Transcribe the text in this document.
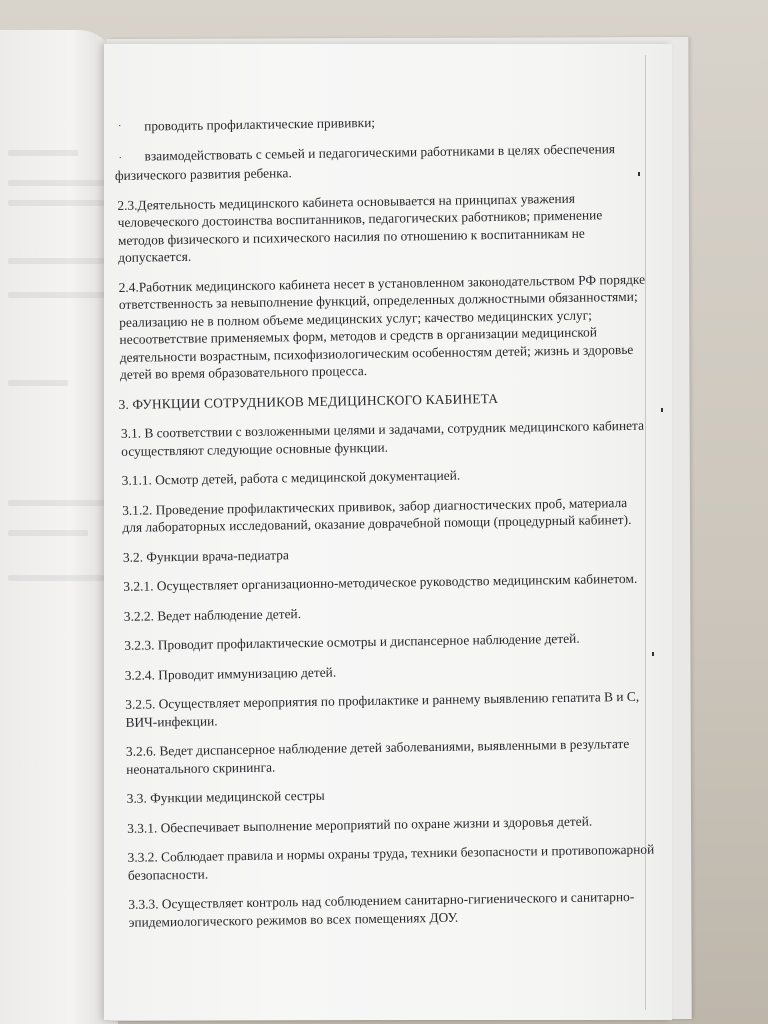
·	проводить профилактические прививки;
· взаимодействовать с семьей и педагогическими работниками в целях обеспечения физического развития ребенка.

2.3.Деятельность медицинского кабинета основывается на принципах уважения человеческого достоинства воспитанников, педагогических работников; применение методов физического и психического насилия по отношению к воспитанникам не допускается.

2.4.Работник медицинского кабинета несет в установленном законодательством РФ порядке ответственность за невыполнение функций, определенных должностными обязанностями; реализацию не в полном объеме медицинских услуг; качество медицинских услуг; несоответствие применяемых форм, методов и средств в организации медицинской деятельности возрастным, психофизиологическим особенностям детей; жизнь и здоровье детей во время образовательного процесса.

3. ФУНКЦИИ СОТРУДНИКОВ МЕДИЦИНСКОГО КАБИНЕТА

3.1. В соответствии с возложенными целями и задачами, сотрудник медицинского кабинета осуществляют следующие основные функции.

3.1.1. Осмотр детей, работа с медицинской документацией.

3.1.2. Проведение профилактических прививок, забор диагностических проб, материала для лабораторных исследований, оказание доврачебной помощи (процедурный кабинет).

3.2. Функции врача-педиатра

3.2.1. Осуществляет организационно-методическое руководство медицинским кабинетом.

3.2.2. Ведет наблюдение детей.

3.2.3. Проводит профилактические осмотры и диспансерное наблюдение детей.

3.2.4. Проводит иммунизацию детей.

3.2.5. Осуществляет мероприятия по профилактике и раннему выявлению гепатита В и С, ВИЧ-инфекции.

3.2.6. Ведет диспансерное наблюдение детей заболеваниями, выявленными в результате неонатального скрининга.

3.3. Функции медицинской сестры

3.3.1. Обеспечивает выполнение мероприятий по охране жизни и здоровья детей.

3.3.2. Соблюдает правила и нормы охраны труда, техники безопасности и противопожарной безопасности.

3.3.3. Осуществляет контроль над соблюдением санитарно-гигиенического и санитарно-эпидемиологического режимов во всех помещениях ДОУ.
